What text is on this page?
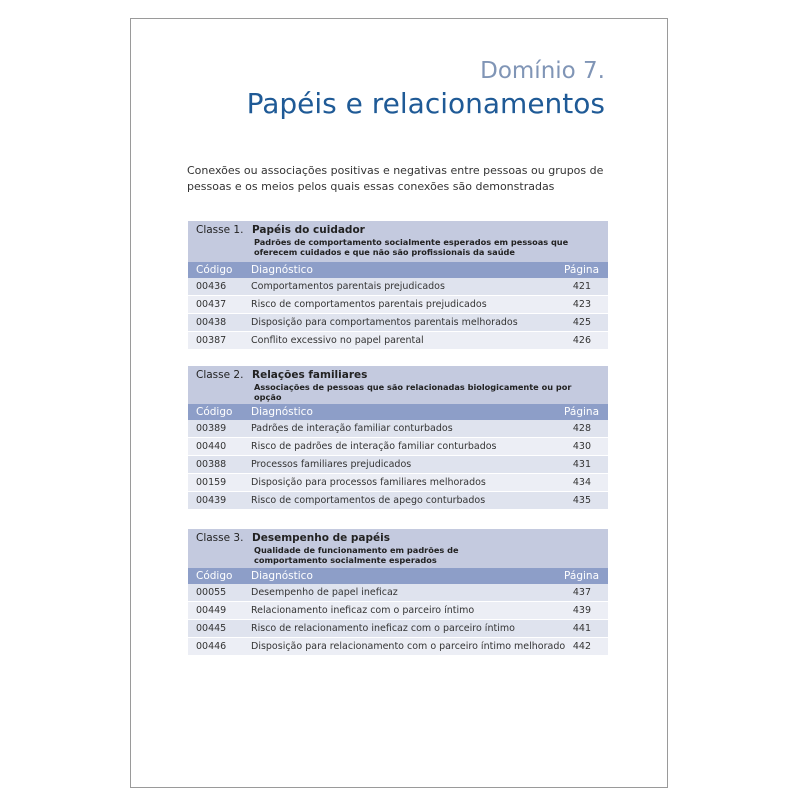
Domínio 7.
Papéis e relacionamentos
Conexões ou associações positivas e negativas entre pessoas ou grupos de pessoas e os meios pelos quais essas conexões são demonstradas
Classe 1. Papéis do cuidador
Padrões de comportamento socialmente esperados em pessoas que oferecem cuidados e que não são profissionais da saúde
Código Diagnóstico	Página
00436	Comportamentos parentais prejudicados	421
00437	Risco de comportamentos parentais prejudicados	423
00438	Disposição para comportamentos parentais melhorados	425
00387	Conflito excessivo no papel parental	426
Classe 2. Relações familiares
Associações de pessoas que são relacionadas biologicamente ou por opção
Código Diagnóstico	Página
00389	Padrões de interação familiar conturbados	428
00440	Risco de padrões de interação familiar conturbados	430
00388	Processos familiares prejudicados	431
00159	Disposição para processos familiares melhorados	434
00439	Risco de comportamentos de apego conturbados	435
Classe 3. Desempenho de papéis
Qualidade de funcionamento em padrões de comportamento socialmente esperados
Código Diagnóstico	Página
00055	Desempenho de papel ineficaz	437
00449	Relacionamento ineficaz com o parceiro íntimo	439
00445	Risco de relacionamento ineficaz com o parceiro íntimo	441
00446	Disposição para relacionamento com o parceiro íntimo melhorado 442
